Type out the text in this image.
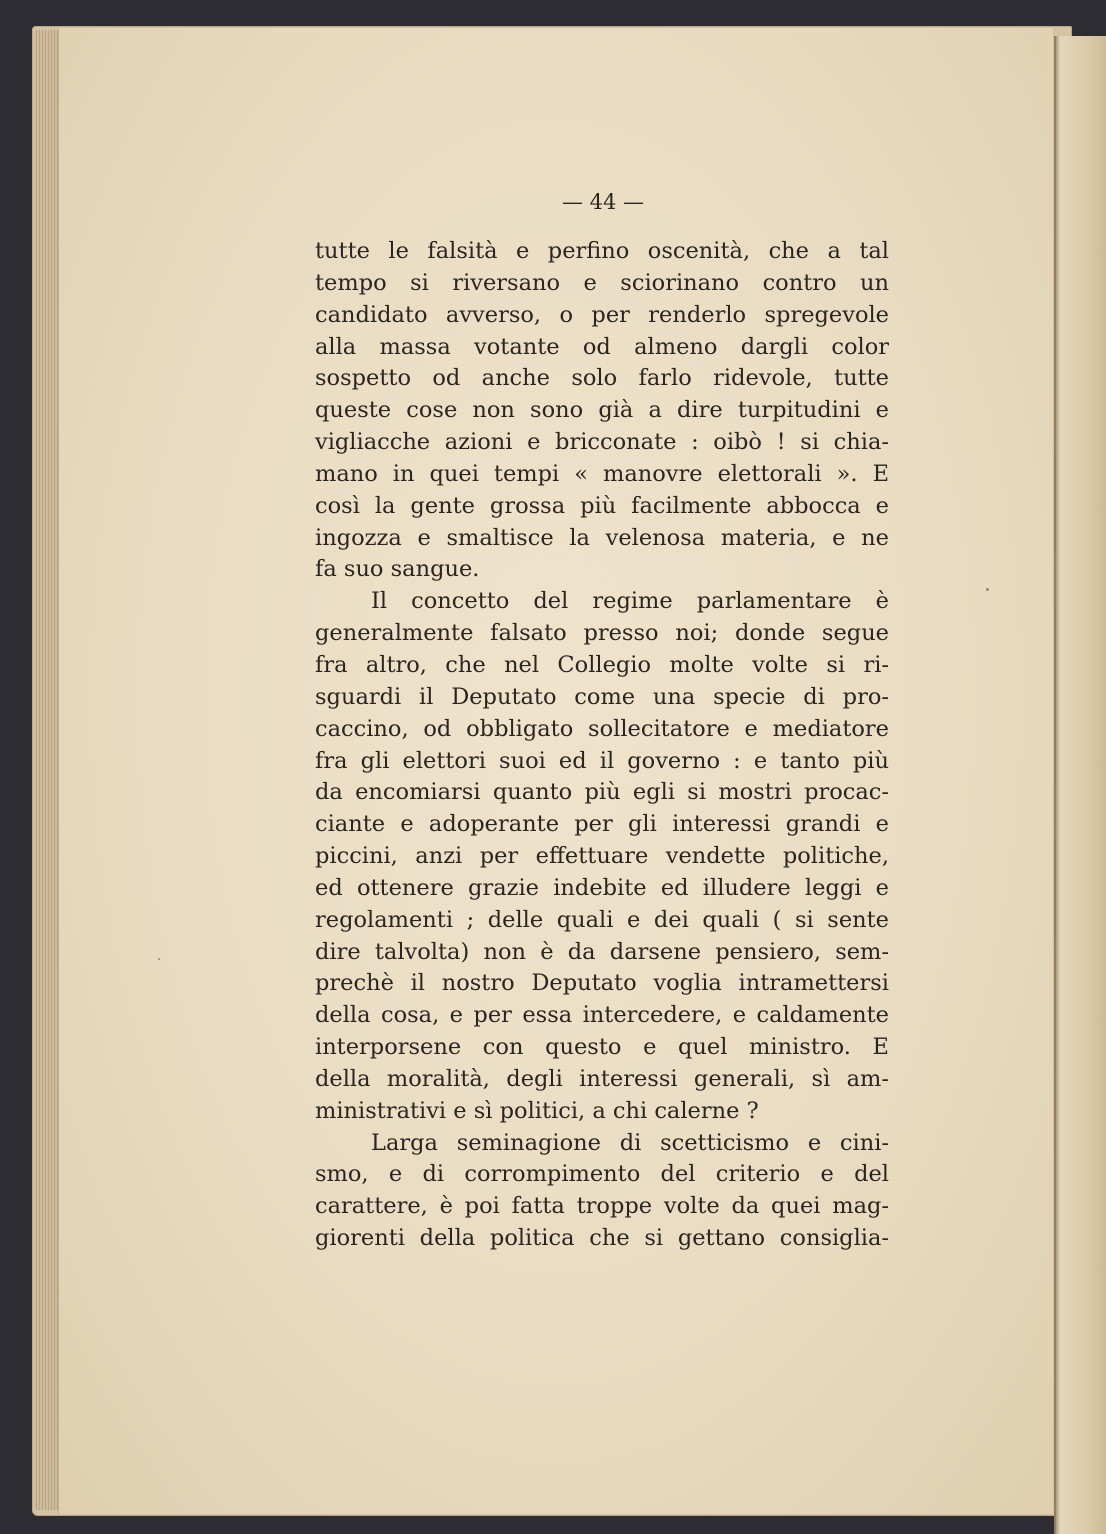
— 44 —
tutte le falsità e perfino oscenità, che a tal
tempo si riversano e sciorinano contro un
candidato avverso, o per renderlo spregevole
alla massa votante od almeno dargli color
sospetto od anche solo farlo ridevole, tutte
queste cose non sono già a dire turpitudini e
vigliacche azioni e bricconate : oibò ! si chia-
mano in quei tempi « manovre elettorali ». E
così la gente grossa più facilmente abbocca e
ingozza e smaltisce la velenosa materia, e ne
fa suo sangue.
Il concetto del regime parlamentare è
generalmente falsato presso noi; donde segue
fra altro, che nel Collegio molte volte si ri-
sguardi il Deputato come una specie di pro-
caccino, od obbligato sollecitatore e mediatore
fra gli elettori suoi ed il governo : e tanto più
da encomiarsi quanto più egli si mostri procac-
ciante e adoperante per gli interessi grandi e
piccini, anzi per effettuare vendette politiche,
ed ottenere grazie indebite ed illudere leggi e
regolamenti ; delle quali e dei quali ( si sente
dire talvolta) non è da darsene pensiero, sem-
prechè il nostro Deputato voglia intramettersi
della cosa, e per essa intercedere, e caldamente
interporsene con questo e quel ministro. E
della moralità, degli interessi generali, sì am-
ministrativi e sì politici, a chi calerne ?
Larga seminagione di scetticismo e cini-
smo, e di corrompimento del criterio e del
carattere, è poi fatta troppe volte da quei mag-
giorenti della politica che si gettano consiglia-
